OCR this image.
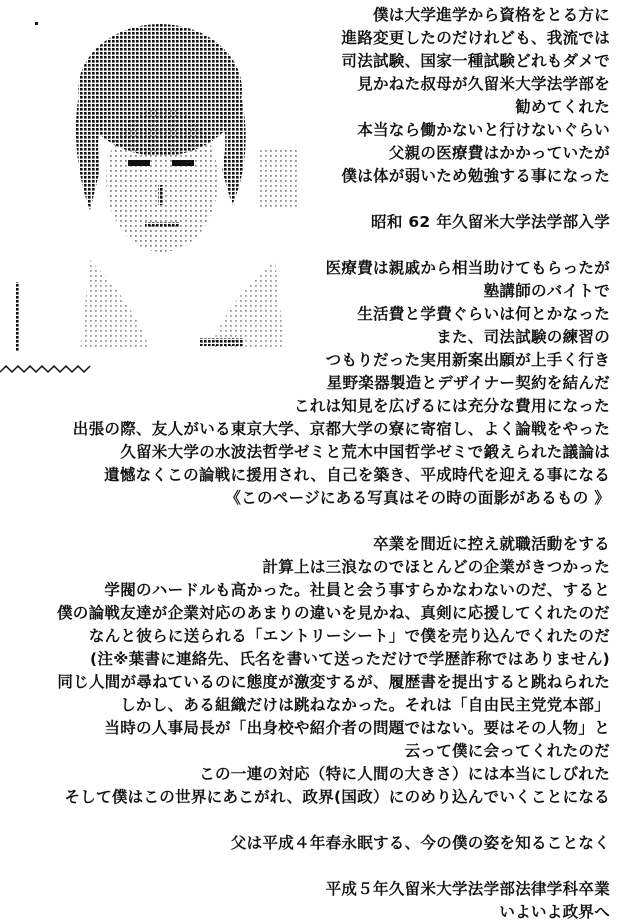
僕は大学進学から資格をとる方に
進路変更したのだけれども、我流では
司法試験、国家一種試験どれもダメで
見かねた叔母が久留米大学法学部を
勧めてくれた
本当なら働かないと行けないぐらい
父親の医療費はかかっていたが
僕は体が弱いため勉強する事になった
昭和 62 年久留米大学法学部入学
医療費は親戚から相当助けてもらったが
塾講師のバイトで
生活費と学費ぐらいは何とかなった
また、司法試験の練習の
つもりだった実用新案出願が上手く行き
星野楽器製造とデザイナー契約を結んだ
これは知見を広げるには充分な費用になった
出張の際、友人がいる東京大学、京都大学の寮に寄宿し、よく論戦をやった
久留米大学の水波法哲学ゼミと荒木中国哲学ゼミで鍛えられた議論は
遺憾なくこの論戦に援用され、自己を築き、平成時代を迎える事になる
《このページにある写真はその時の面影があるもの 》
卒業を間近に控え就職活動をする
計算上は三浪なのでほとんどの企業がきつかった
学閥のハードルも高かった。社員と会う事すらかなわないのだ、すると
僕の論戦友達が企業対応のあまりの違いを見かね、真剣に応援してくれたのだ
なんと彼らに送られる「エントリーシート」で僕を売り込んでくれたのだ
(注※葉書に連絡先、氏名を書いて送っただけで学歴詐称ではありません)
同じ人間が尋ねているのに態度が激変するが、履歴書を提出すると跳ねられた
しかし、ある組織だけは跳ねなかった。それは「自由民主党党本部」
当時の人事局長が「出身校や紹介者の問題ではない。要はその人物」と
云って僕に会ってくれたのだ
この一連の対応（特に人間の大きさ）には本当にしびれた
そして僕はこの世界にあこがれ、政界(国政）にのめり込んでいくことになる
父は平成４年春永眠する、今の僕の姿を知ることなく
平成５年久留米大学法学部法律学科卒業
いよいよ政界へ
